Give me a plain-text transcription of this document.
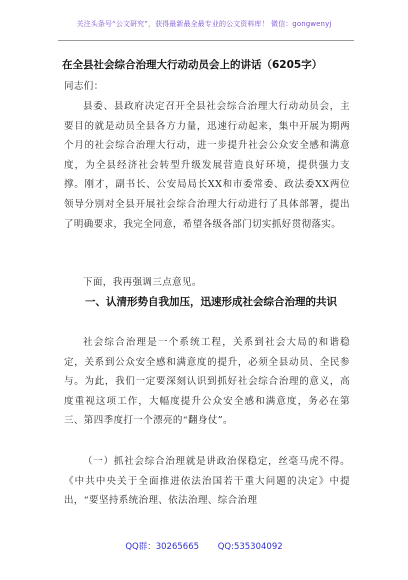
关注头条号“公文研究”，获得最新最全最专业的公文资料库！ 微信：gongwenyj
在全县社会综合治理大行动动员会上的讲话（6205字）
同志们：
县委、县政府决定召开全县社会综合治理大行动动员会，主要目的就是动员全县各方力量，迅速行动起来，集中开展为期两个月的社会综合治理大行动，进一步提升社会公众安全感和满意度，为全县经济社会转型升级发展营造良好环境，提供强力支撑。刚才，副书长、公安局局长XX和市委常委、政法委XX两位领导分别对全县开展社会综合治理大行动进行了具体部署，提出了明确要求，我完全同意，希望各级各部门切实抓好贯彻落实。
下面，我再强调三点意见。
一、认清形势自我加压，迅速形成社会综合治理的共识
社会综合治理是一个系统工程，关系到社会大局的和谐稳定，关系到公众安全感和满意度的提升，必须全县动员、全民参与。为此，我们一定要深刻认识到抓好社会综合治理的意义，高度重视这项工作，大幅度提升公众安全感和满意度，务必在第三、第四季度打一个漂亮的“翻身仗”。
（一）抓社会综合治理就是讲政治保稳定，丝毫马虎不得。《中共中央关于全面推进依法治国若干重大问题的决定》中提出，“要坚持系统治理、依法治理、综合治理
QQ群：30265665 QQ:535304092
